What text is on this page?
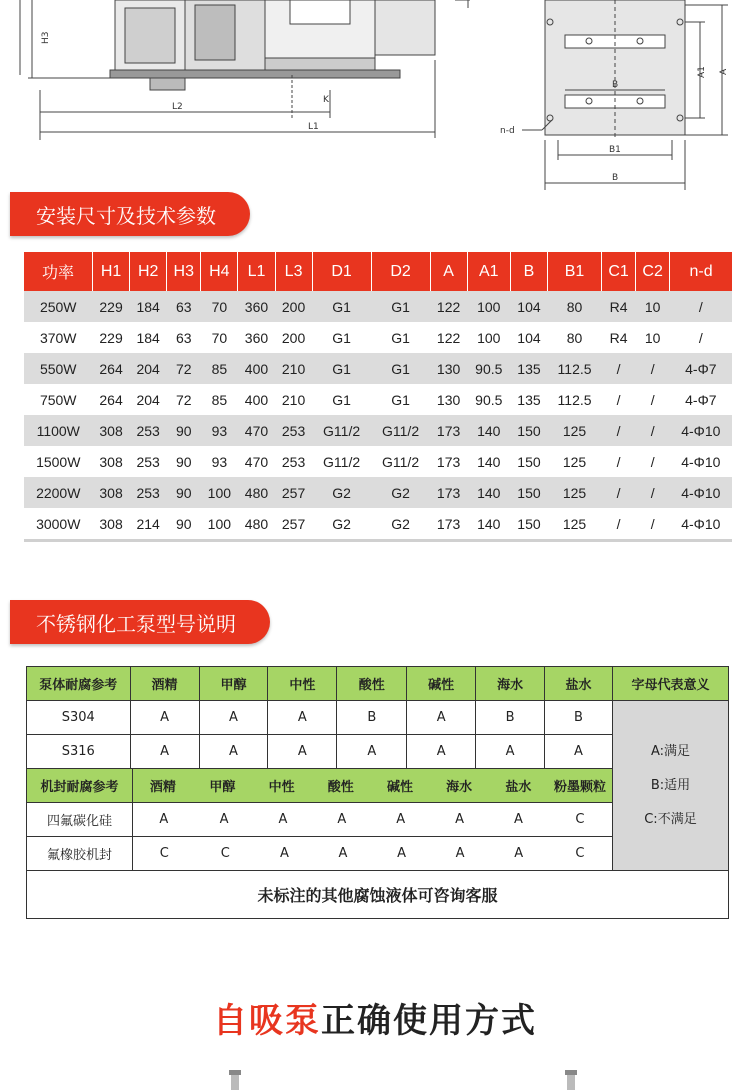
H3
L2
L1
K
B
B1
B
A1 A
n-d
安装尺寸及技术参数
功率	H1	H2	H3	H4	L1	L3	D1	D2	A	A1	B	B1	C1	C2	n-d
250W	229	184	63	70	360	200	G1	G1	122	100	104	80	R4	10	/
370W	229	184	63	70	360	200	G1	G1	122	100	104	80	R4	10	/
550W	264	204	72	85	400	210	G1	G1	130	90.5	135	112.5	/	/	4-Φ7
750W	264	204	72	85	400	210	G1	G1	130	90.5	135	112.5	/	/	4-Φ7
1100W	308	253	90	93	470	253	G11/2	G11/2	173	140	150	125	/	/	4-Φ10
1500W	308	253	90	93	470	253	G11/2	G11/2	173	140	150	125	/	/	4-Φ10
2200W	308	253	90	100	480	257	G2	G2	173	140	150	125	/	/	4-Φ10
3000W	308	214	90	100	480	257	G2	G2	173	140	150	125	/	/	4-Φ10
不锈钢化工泵型号说明
泵体耐腐参考	酒精	甲醇	中性	酸性	碱性	海水	盐水	字母代表意义
S304	A	A	A	B	A	B	B	
A:满足
B:适用
C:不满足

S316	A	A	A	A	A	A	A

机封耐腐参考	酒精	甲醇	中性	酸性	碱性	海水	盐水	粉墨颗粒

四氟碳化硅	A	A	A	A	A	A	A	C

氟橡胶机封	C	C	A	A	A	A	A	C

未标注的其他腐蚀液体可咨询客服
自吸泵正确使用方式
